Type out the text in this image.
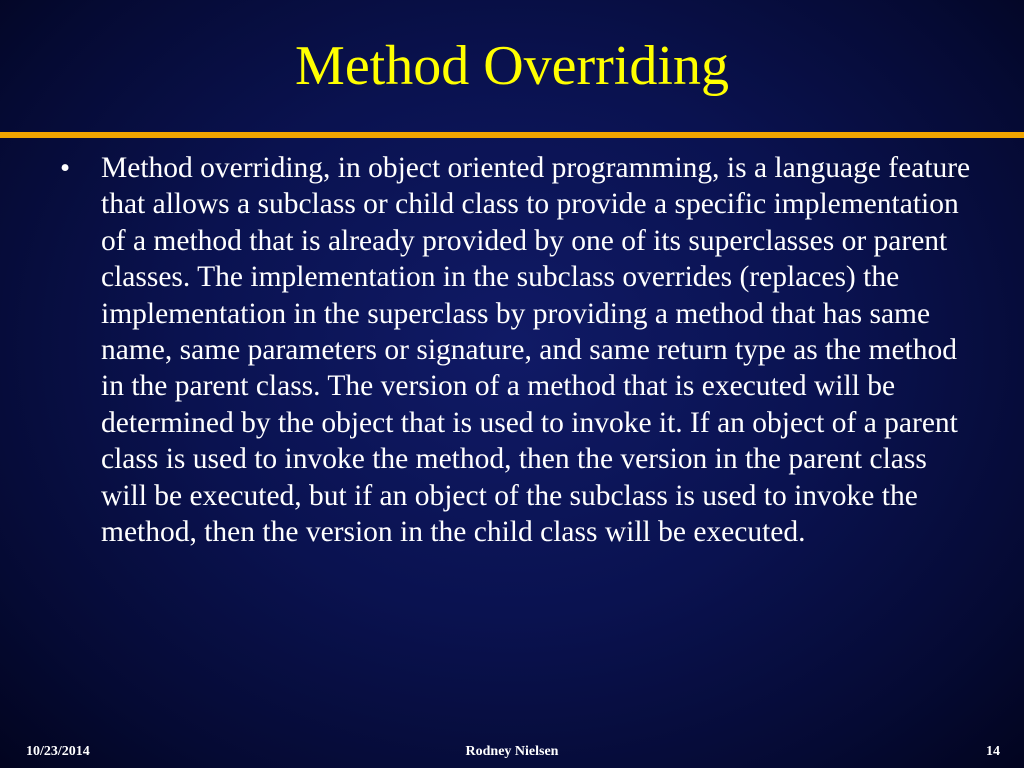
Method Overriding
• Method overriding, in object oriented programming, is a language feature that allows a subclass or child class to provide a specific implementation of a method that is already provided by one of its superclasses or parent classes. The implementation in the subclass overrides (replaces) the implementation in the superclass by providing a method that has same name, same parameters or signature, and same return type as the method in the parent class. The version of a method that is executed will be determined by the object that is used to invoke it. If an object of a parent class is used to invoke the method, then the version in the parent class will be executed, but if an object of the subclass is used to invoke the method, then the version in the child class will be executed.
10/23/2014	Rodney Nielsen	14
